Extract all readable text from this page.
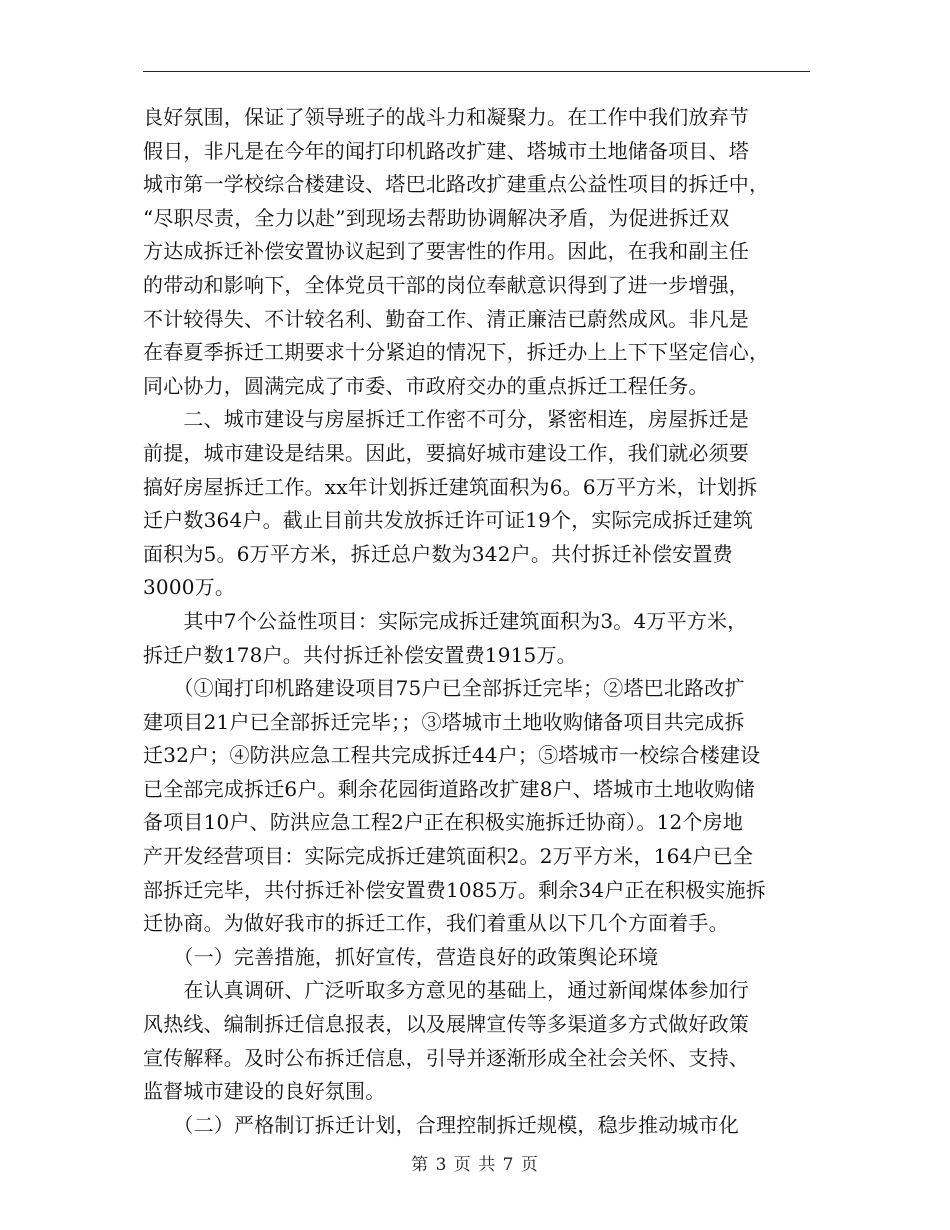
良好氛围，保证了领导班子的战斗力和凝聚力。在工作中我们放弃节
假日，非凡是在今年的闻打印机路改扩建、塔城市土地储备项目、塔
城市第一学校综合楼建设、塔巴北路改扩建重点公益性项目的拆迁中，
“尽职尽责，全力以赴”到现场去帮助协调解决矛盾，为促进拆迁双
方达成拆迁补偿安置协议起到了要害性的作用。因此，在我和副主任
的带动和影响下，全体党员干部的岗位奉献意识得到了进一步增强，
不计较得失、不计较名利、勤奋工作、清正廉洁已蔚然成风。非凡是
在春夏季拆迁工期要求十分紧迫的情况下，拆迁办上上下下坚定信心，
同心协力，圆满完成了市委、市政府交办的重点拆迁工程任务。
　　二、城市建设与房屋拆迁工作密不可分，紧密相连，房屋拆迁是
前提，城市建设是结果。因此，要搞好城市建设工作，我们就必须要
搞好房屋拆迁工作。xx年计划拆迁建筑面积为6。6万平方米，计划拆
迁户数364户。截止目前共发放拆迁许可证19个，实际完成拆迁建筑
面积为5。6万平方米，拆迁总户数为342户。共付拆迁补偿安置费
3000万。
　　其中7个公益性项目：实际完成拆迁建筑面积为3。4万平方米，
拆迁户数178户。共付拆迁补偿安置费1915万。
　　（①闻打印机路建设项目75户已全部拆迁完毕；②塔巴北路改扩
建项目21户已全部拆迁完毕；；③塔城市土地收购储备项目共完成拆
迁32户；④防洪应急工程共完成拆迁44户；⑤塔城市一校综合楼建设
已全部完成拆迁6户。剩余花园街道路改扩建8户、塔城市土地收购储
备项目10户、防洪应急工程2户正在积极实施拆迁协商）。12个房地
产开发经营项目：实际完成拆迁建筑面积2。2万平方米，164户已全
部拆迁完毕，共付拆迁补偿安置费1085万。剩余34户正在积极实施拆
迁协商。为做好我市的拆迁工作，我们着重从以下几个方面着手。
　　（一）完善措施，抓好宣传，营造良好的政策舆论环境
　　在认真调研、广泛听取多方意见的基础上，通过新闻煤体参加行
风热线、编制拆迁信息报表，以及展牌宣传等多渠道多方式做好政策
宣传解释。及时公布拆迁信息，引导并逐渐形成全社会关怀、支持、
监督城市建设的良好氛围。
　　（二）严格制订拆迁计划，合理控制拆迁规模，稳步推动城市化
第 3 页 共 7 页
